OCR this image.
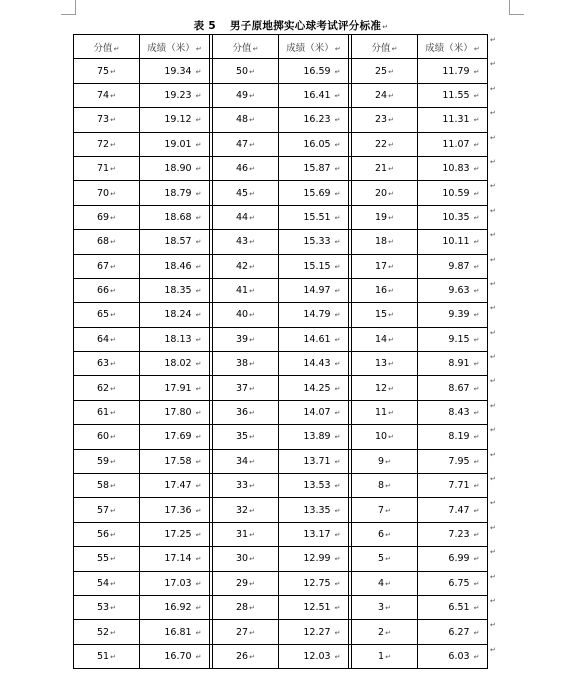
表 5 男子原地掷实心球考试评分标准↵
分值↵	成绩（米）↵		分值↵	成绩（米）↵		分值↵	成绩（米）↵
75↵	19.34 ↵		50↵	16.59 ↵		25↵	11.79 ↵
74↵	19.23 ↵		49↵	16.41 ↵		24↵	11.55 ↵
73↵	19.12 ↵		48↵	16.23 ↵		23↵	11.31 ↵
72↵	19.01 ↵		47↵	16.05 ↵		22↵	11.07 ↵
71↵	18.90 ↵		46↵	15.87 ↵		21↵	10.83 ↵
70↵	18.79 ↵		45↵	15.69 ↵		20↵	10.59 ↵
69↵	18.68 ↵		44↵	15.51 ↵		19↵	10.35 ↵
68↵	18.57 ↵		43↵	15.33 ↵		18↵	10.11 ↵
67↵	18.46 ↵		42↵	15.15 ↵		17↵	9.87 ↵
66↵	18.35 ↵		41↵	14.97 ↵		16↵	9.63 ↵
65↵	18.24 ↵		40↵	14.79 ↵		15↵	9.39 ↵
64↵	18.13 ↵		39↵	14.61 ↵		14↵	9.15 ↵
63↵	18.02 ↵		38↵	14.43 ↵		13↵	8.91 ↵
62↵	17.91 ↵		37↵	14.25 ↵		12↵	8.67 ↵
61↵	17.80 ↵		36↵	14.07 ↵		11↵	8.43 ↵
60↵	17.69 ↵		35↵	13.89 ↵		10↵	8.19 ↵
59↵	17.58 ↵		34↵	13.71 ↵		9↵	7.95 ↵
58↵	17.47 ↵		33↵	13.53 ↵		8↵	7.71 ↵
57↵	17.36 ↵		32↵	13.35 ↵		7↵	7.47 ↵
56↵	17.25 ↵		31↵	13.17 ↵		6↵	7.23 ↵
55↵	17.14 ↵		30↵	12.99 ↵		5↵	6.99 ↵
54↵	17.03 ↵		29↵	12.75 ↵		4↵	6.75 ↵
53↵	16.92 ↵		28↵	12.51 ↵		3↵	6.51 ↵
52↵	16.81 ↵		27↵	12.27 ↵		2↵	6.27 ↵
51↵	16.70 ↵		26↵	12.03 ↵		1↵	6.03 ↵
↵
↵
↵
↵
↵
↵
↵
↵
↵
↵
↵
↵
↵
↵
↵
↵
↵
↵
↵
↵
↵
↵
↵
↵
↵
↵
